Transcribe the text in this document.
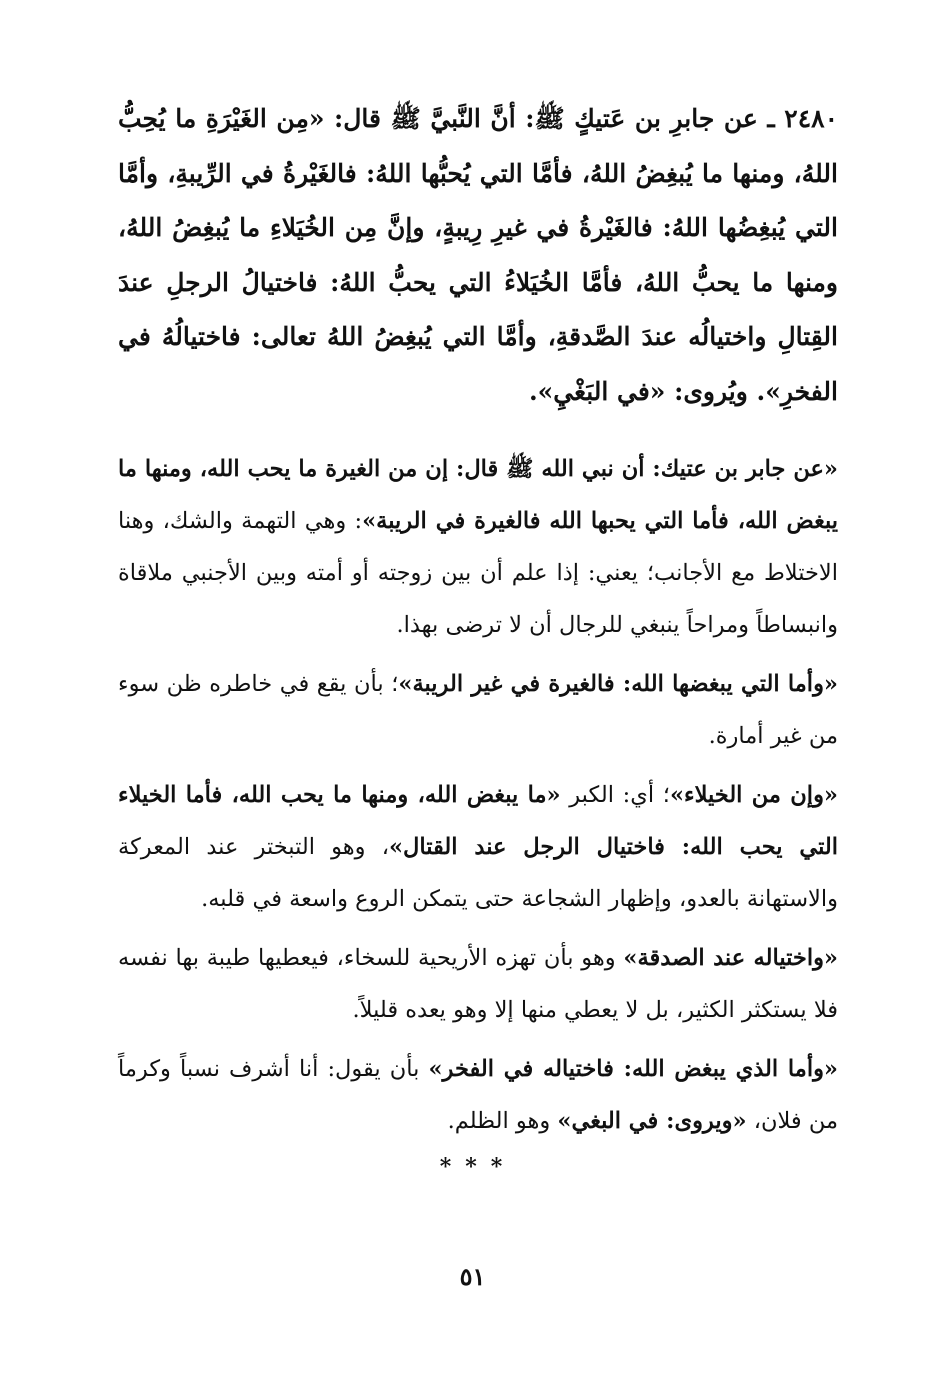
٢٤٨٠ ـ عن جابرِ بن عَتيكٍ ﷺ: أنَّ النَّبيَّ ﷺ قال: «مِن الغَيْرَةِ ما يُحِبُّ اللهُ، ومنها ما يُبغِضُ اللهُ، فأمَّا التي يُحبُّها اللهُ: فالغَيْرةُ في الرِّيبةِ، وأمَّا التي يُبغِضُها اللهُ: فالغَيْرةُ في غيرِ رِيبةٍ، وإنَّ مِن الخُيَلاءِ ما يُبغِضُ اللهُ، ومنها ما يحبُّ اللهُ، فأمَّا الخُيَلاءُ التي يحبُّ اللهُ: فاختيالُ الرجلِ عندَ القِتالِ واختيالُه عندَ الصَّدقةِ، وأمَّا التي يُبغِضُ اللهُ تعالى: فاختيالُهُ في الفخرِ». ويُروى: «في البَغْيِ».

«عن جابر بن عتيك: أن نبي الله ﷺ قال: إن من الغيرة ما يحب الله، ومنها ما يبغض الله، فأما التي يحبها الله فالغيرة في الريبة»: وهي التهمة والشك، وهنا الاختلاط مع الأجانب؛ يعني: إذا علم أن بين زوجته أو أمته وبين الأجنبي ملاقاة وانبساطاً ومراحاً ينبغي للرجال أن لا ترضى بهذا.

«وأما التي يبغضها الله: فالغيرة في غير الريبة»؛ بأن يقع في خاطره ظن سوء من غير أمارة.

«وإن من الخيلاء»؛ أي: الكبر «ما يبغض الله، ومنها ما يحب الله، فأما الخيلاء التي يحب الله: فاختيال الرجل عند القتال»، وهو التبختر عند المعركة والاستهانة بالعدو، وإظهار الشجاعة حتى يتمكن الروع واسعة في قلبه.

«واختياله عند الصدقة» وهو بأن تهزه الأريحية للسخاء، فيعطيها طيبة بها نفسه فلا يستكثر الكثير، بل لا يعطي منها إلا وهو يعده قليلاً.

«وأما الذي يبغض الله: فاختياله في الفخر» بأن يقول: أنا أشرف نسباً وكرماً من فلان، «ويروى: في البغي» وهو الظلم.

***
٥١
